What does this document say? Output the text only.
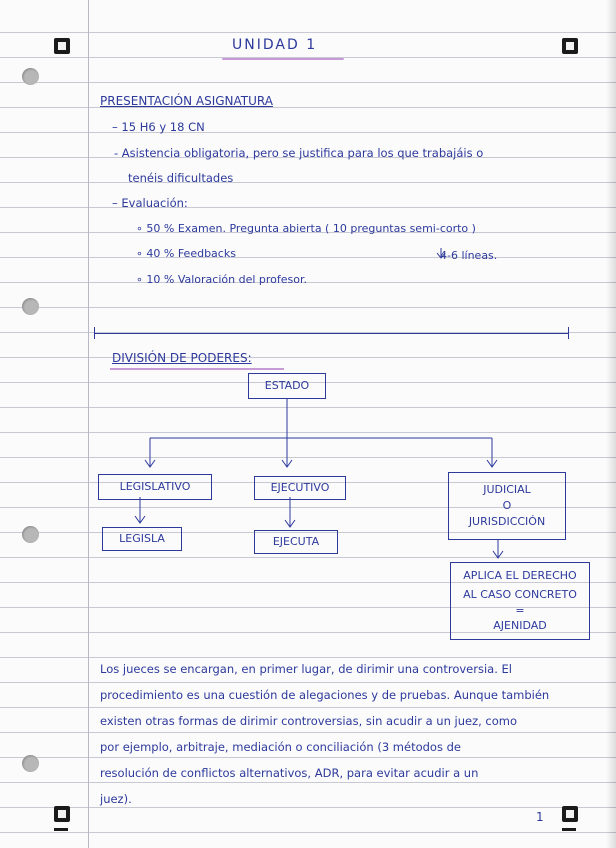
UNIDAD 1
PRESENTACIÓN ASIGNATURA
– 15 H6 y 18 CN
- Asistencia obligatoria, pero se justifica para los que trabajáis o
tenéis dificultades
– Evaluación:
∘ 50 % Examen. Pregunta abierta ( 10 preguntas semi-corto )
∘ 40 % Feedbacks
∘ 10 % Valoración del profesor.
4-6 líneas.
DIVISIÓN DE PODERES:
ESTADO
LEGISLATIVO	EJECUTIVO	JUDICIAL
O
JURISDICCIÓN
LEGISLA	EJECUTA
APLICA EL DERECHO
AL CASO CONCRETO
=
AJENIDAD
Los jueces se encargan, en primer lugar, de dirimir una controversia. El
procedimiento es una cuestión de alegaciones y de pruebas. Aunque también
existen otras formas de dirimir controversias, sin acudir a un juez, como
por ejemplo, arbitraje, mediación o conciliación (3 métodos de
resolución de conflictos alternativos, ADR, para evitar acudir a un
juez).
1
